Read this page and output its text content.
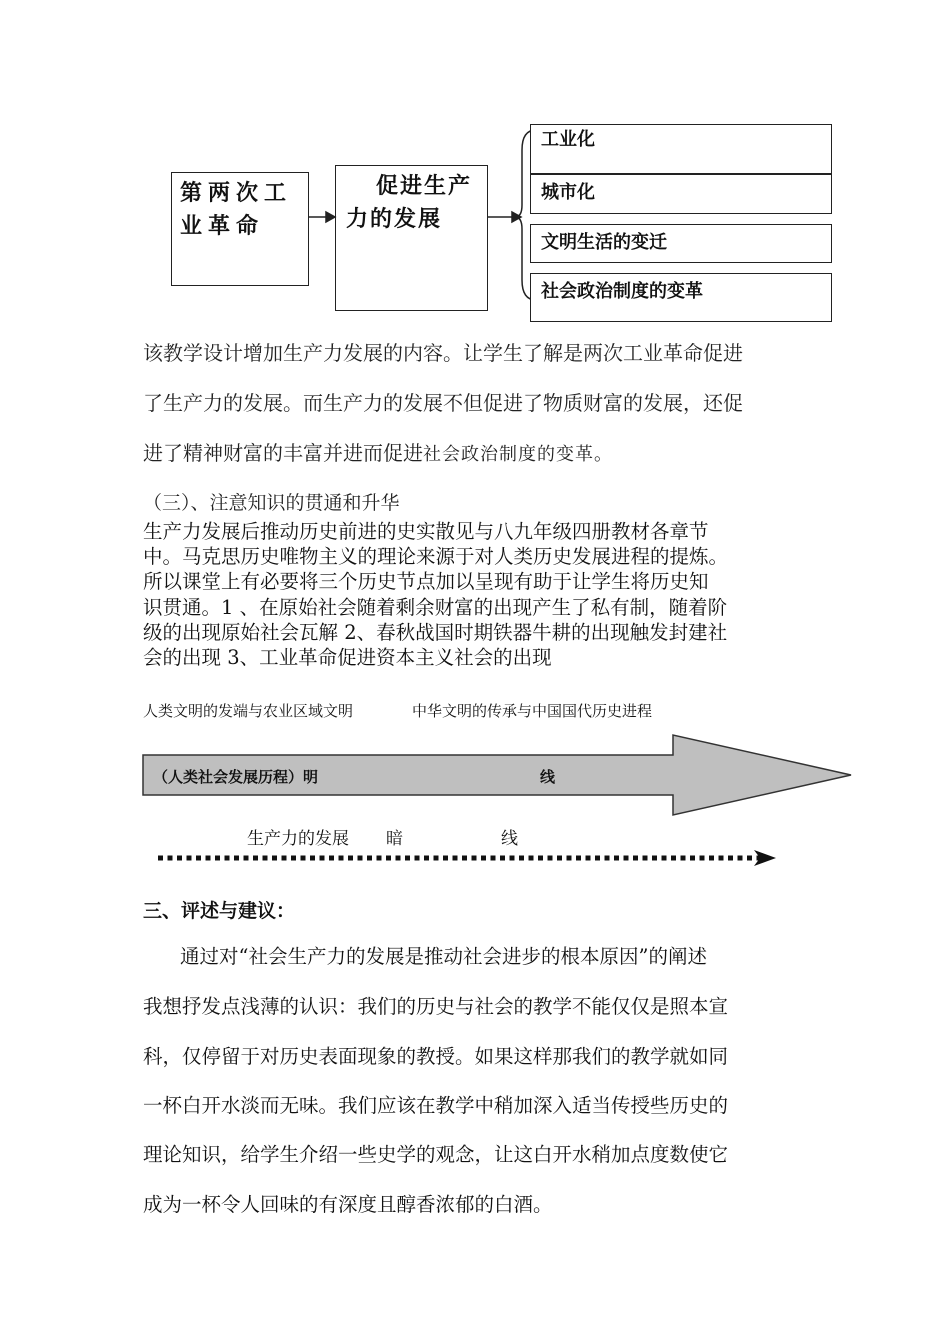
第两次工业革命
促进生产力的发展
工业化
城市化
文明生活的变迁
社会政治制度的变革
该教学设计增加生产力发展的内容。让学生了解是两次工业革命促进
了生产力的发展。而生产力的发展不但促进了物质财富的发展，还促
进了精神财富的丰富并进而促进社会政治制度的变革。
（三）、注意知识的贯通和升华
生产力发展后推动历史前进的史实散见与八九年级四册教材各章节
中。马克思历史唯物主义的理论来源于对人类历史发展进程的提炼。
所以课堂上有必要将三个历史节点加以呈现有助于让学生将历史知
识贯通。1 、在原始社会随着剩余财富的出现产生了私有制，随着阶
级的出现原始社会瓦解 2、春秋战国时期铁器牛耕的出现触发封建社
会的出现 3、工业革命促进资本主义社会的出现
人类文明的发端与农业区域文明	中华文明的传承与中国国代历史进程
（人类社会发展历程）明	线
生产力的发展 暗	线
三、评述与建议：
通过对“社会生产力的发展是推动社会进步的根本原因”的阐述
我想抒发点浅薄的认识：我们的历史与社会的教学不能仅仅是照本宣
科，仅停留于对历史表面现象的教授。如果这样那我们的教学就如同
一杯白开水淡而无味。我们应该在教学中稍加深入适当传授些历史的
理论知识，给学生介绍一些史学的观念，让这白开水稍加点度数使它
成为一杯令人回味的有深度且醇香浓郁的白酒。
